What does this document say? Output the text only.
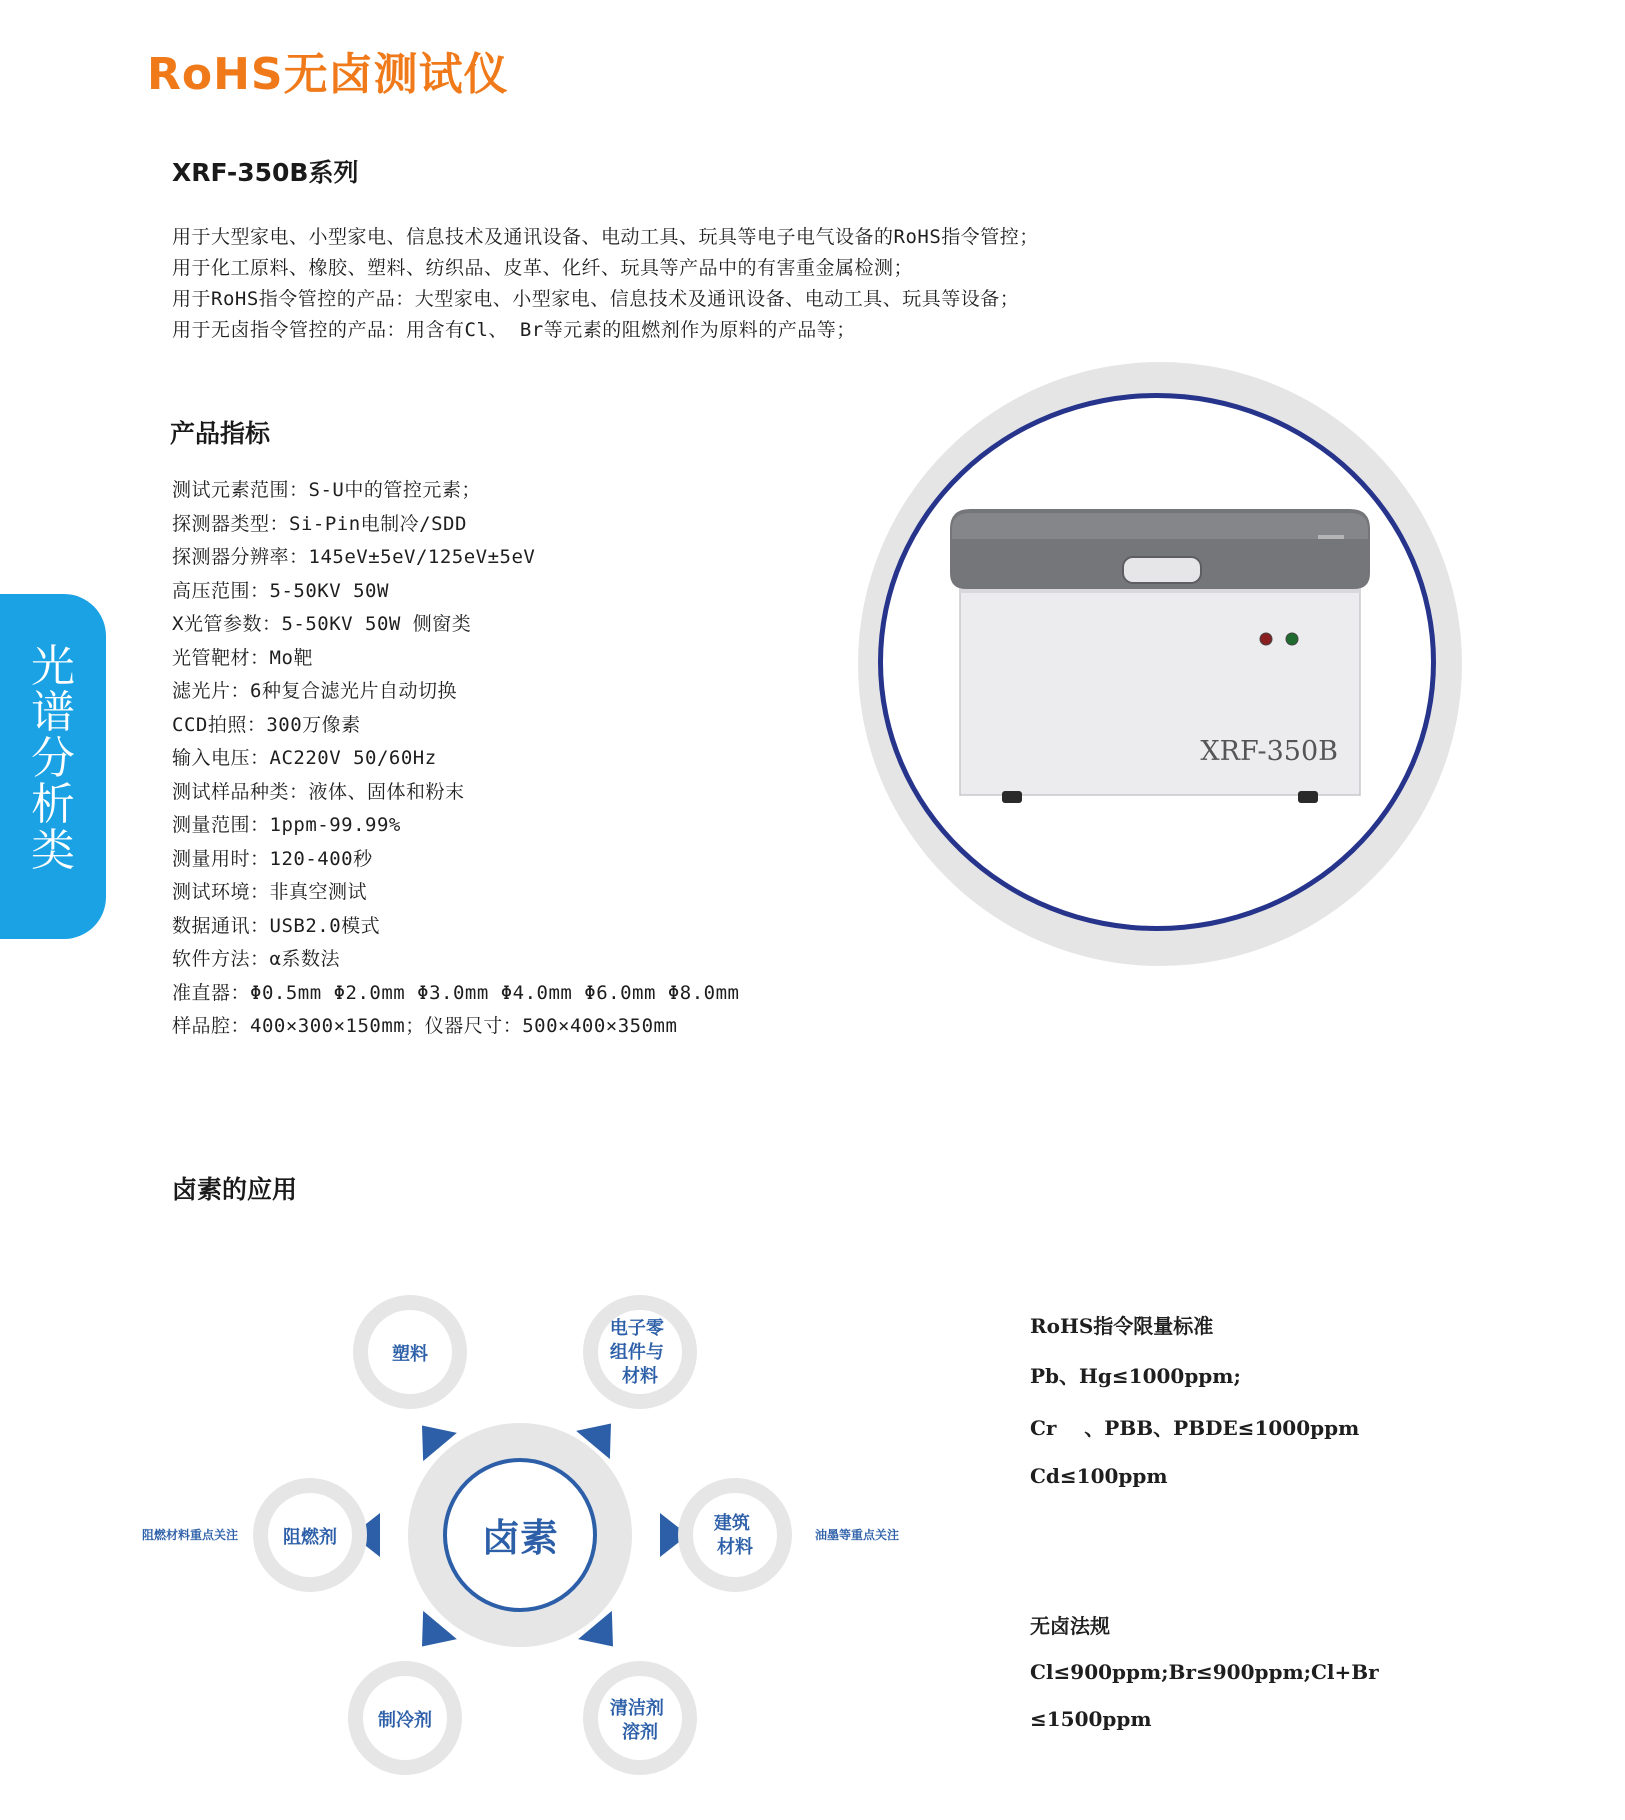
RoHS无卤测试仪
XRF-350B系列
用于大型家电、小型家电、信息技术及通讯设备、电动工具、玩具等电子电气设备的RoHS指令管控；
用于化工原料、橡胶、塑料、纺织品、皮革、化纤、玩具等产品中的有害重金属检测；
用于RoHS指令管控的产品：大型家电、小型家电、信息技术及通讯设备、电动工具、玩具等设备；
用于无卤指令管控的产品：用含有Cl、 Br等元素的阻燃剂作为原料的产品等；
产品指标
测试元素范围：S-U中的管控元素；
探测器类型：Si-Pin电制冷/SDD
探测器分辨率：145eV±5eV/125eV±5eV
高压范围：5-50KV 50W
X光管参数：5-50KV 50W 侧窗类
光管靶材：Mo靶
滤光片：6种复合滤光片自动切换
CCD拍照：300万像素
输入电压：AC220V 50/60Hz
测试样品种类：液体、固体和粉末
测量范围：1ppm-99.99%
测量用时：120-400秒
测试环境：非真空测试
数据通讯：USB2.0模式
软件方法：α系数法
准直器：Φ0.5mm Φ2.0mm Φ3.0mm Φ4.0mm Φ6.0mm Φ8.0mm
样品腔：400×300×150mm；仪器尺寸：500×400×350mm
光
谱
分
析
类
XRF-350B
卤素的应用
卤素
塑料
电子零 组件与 材料
建筑 材料
清洁剂 溶剂
制冷剂
阻燃剂
阻燃材料重点关注	油墨等重点关注
RoHS指令限量标准
Pb、Hg≤1000ppm;
Cr    、PBB、PBDE≤1000ppm
Cd≤100ppm
无卤法规
Cl≤900ppm;Br≤900ppm;Cl+Br
≤1500ppm
